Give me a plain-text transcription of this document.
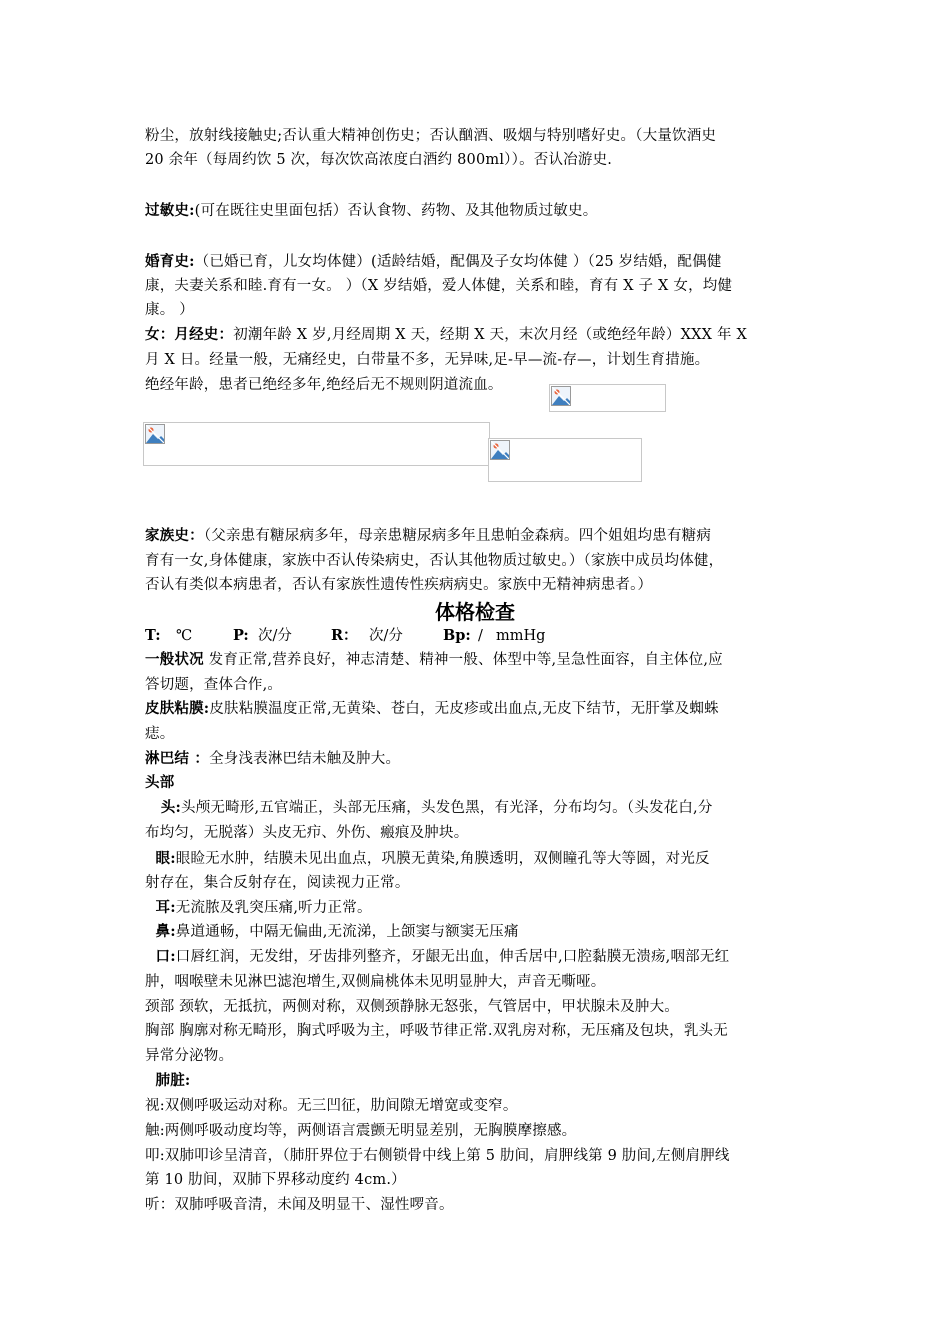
粉尘，放射线接触史;否认重大精神创伤史；否认酗酒、吸烟与特别嗜好史。（大量饮酒史
20 余年（每周约饮 5 次，每次饮高浓度白酒约 800ml））。否认冶游史.
过敏史:(可在既往史里面包括）否认食物、药物、及其他物质过敏史。
婚育史:（已婚已育，儿女均体健）(适龄结婚，配偶及子女均体健 ）（25 岁结婚，配偶健
康，夫妻关系和睦.育有一女。 ）（X 岁结婚，爱人体健，关系和睦，育有 X 子 X 女，均健
康。 ）
女：月经史：初潮年龄 X 岁,月经周期 X 天，经期 X 天，末次月经（或绝经年龄）XXX 年 X
月 X 日。经量一般，无痛经史，白带量不多，无异味,足-早—流-存—，计划生育措施。
绝经年龄，患者已绝经多年,绝经后无不规则阴道流血。
家族史：（父亲患有糖尿病多年，母亲患糖尿病多年且患帕金森病。四个姐姐均患有糖病
育有一女,身体健康，家族中否认传染病史，否认其他物质过敏史。）（家族中成员均体健，
否认有类似本病患者，否认有家族性遗传性疾病病史。家族中无精神病患者。）
体格检查
T: ℃	P: 次/分	R： 次/分	Bp: / mmHg
一般状况 发育正常,营养良好，神志清楚、精神一般、体型中等,呈急性面容，自主体位,应
答切题，查体合作,。
皮肤粘膜:皮肤粘膜温度正常,无黄染、苍白，无皮疹或出血点,无皮下结节，无肝掌及蜘蛛
痣。
淋巴结 ：全身浅表淋巴结未触及肿大。
头部
头:头颅无畸形,五官端正，头部无压痛，头发色黑，有光泽，分布均匀。（头发花白,分
布均匀，无脱落）头皮无疖、外伤、瘢痕及肿块。
眼:眼睑无水肿，结膜未见出血点，巩膜无黄染,角膜透明，双侧瞳孔等大等圆，对光反
射存在，集合反射存在，阅读视力正常。
耳:无流脓及乳突压痛,听力正常。
鼻:鼻道通畅，中隔无偏曲,无流涕，上颌窦与额窦无压痛
口:口唇红润，无发绀，牙齿排列整齐，牙龈无出血，伸舌居中,口腔黏膜无溃疡,咽部无红
肿，咽喉壁未见淋巴滤泡增生,双侧扁桃体未见明显肿大，声音无嘶哑。
颈部 颈软，无抵抗，两侧对称，双侧颈静脉无怒张，气管居中，甲状腺未及肿大。
胸部 胸廓对称无畸形，胸式呼吸为主，呼吸节律正常.双乳房对称，无压痛及包块，乳头无
异常分泌物。
肺脏:
视:双侧呼吸运动对称。无三凹征，肋间隙无增宽或变窄。
触:两侧呼吸动度均等，两侧语言震颤无明显差别，无胸膜摩擦感。
叩:双肺叩诊呈清音，（肺肝界位于右侧锁骨中线上第 5 肋间，肩胛线第 9 肋间,左侧肩胛线
第 10 肋间，双肺下界移动度约 4cm.）
听：双肺呼吸音清，未闻及明显干、湿性啰音。
